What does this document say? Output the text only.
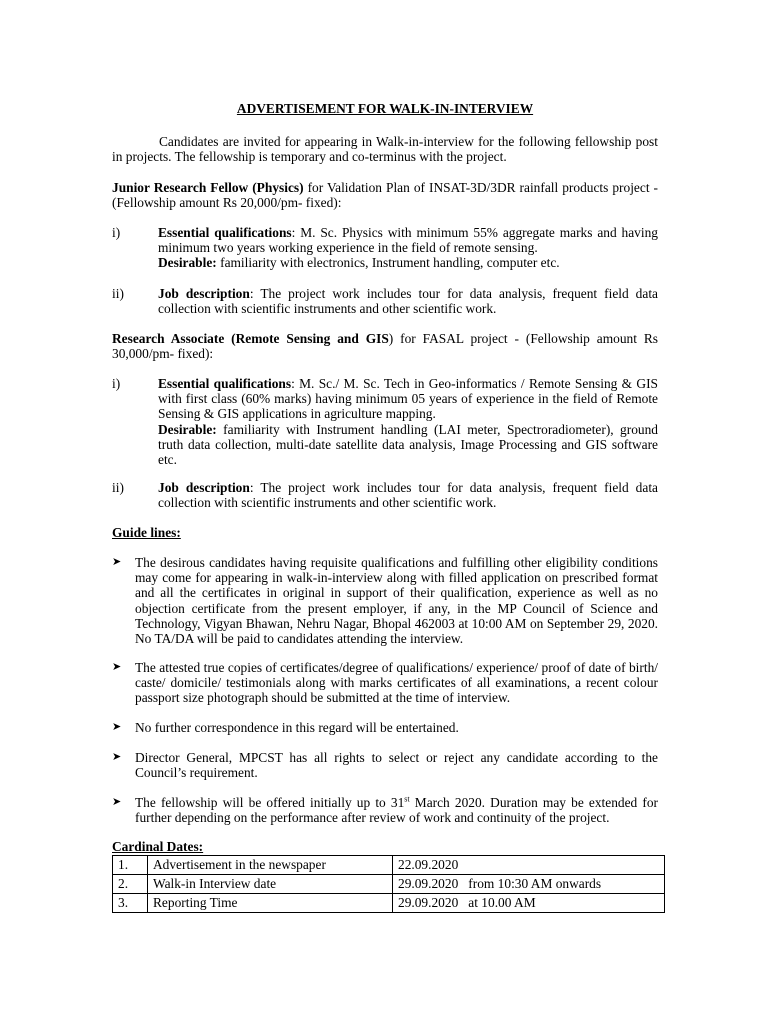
ADVERTISEMENT FOR WALK-IN-INTERVIEW
Candidates are invited for appearing in Walk-in-interview for the following fellowship post in projects. The fellowship is temporary and co-terminus with the project.
Junior Research Fellow (Physics) for Validation Plan of INSAT-3D/3DR rainfall products project - (Fellowship amount Rs 20,000/pm- fixed):
i)	Essential qualifications: M. Sc. Physics with minimum 55% aggregate marks and having minimum two years working experience in the field of remote sensing.
Desirable: familiarity with electronics, Instrument handling, computer etc.
ii)	Job description: The project work includes tour for data analysis, frequent field data collection with scientific instruments and other scientific work.
Research Associate (Remote Sensing and GIS) for FASAL project - (Fellowship amount Rs 30,000/pm- fixed):
i)	Essential qualifications: M. Sc./ M. Sc. Tech in Geo-informatics / Remote Sensing & GIS with first class (60% marks) having minimum 05 years of experience in the field of Remote Sensing & GIS applications in agriculture mapping.
Desirable: familiarity with Instrument handling (LAI meter, Spectroradiometer), ground truth data collection, multi-date satellite data analysis, Image Processing and GIS software etc.
ii)	Job description: The project work includes tour for data analysis, frequent field data collection with scientific instruments and other scientific work.
Guide lines:
➤ The desirous candidates having requisite qualifications and fulfilling other eligibility conditions may come for appearing in walk-in-interview along with filled application on prescribed format and all the certificates in original in support of their qualification, experience as well as no objection certificate from the present employer, if any, in the MP Council of Science and Technology, Vigyan Bhawan, Nehru Nagar, Bhopal 462003 at 10:00 AM on September 29, 2020. No TA/DA will be paid to candidates attending the interview.
➤ The attested true copies of certificates/degree of qualifications/ experience/ proof of date of birth/ caste/ domicile/ testimonials along with marks certificates of all examinations, a recent colour passport size photograph should be submitted at the time of interview.
➤ No further correspondence in this regard will be entertained.
➤ Director General, MPCST has all rights to select or reject any candidate according to the Council’s requirement.
➤ The fellowship will be offered initially up to 31st March 2020. Duration may be extended for further depending on the performance after review of work and continuity of the project.
Cardinal Dates:
1.	Advertisement in the newspaper	22.09.2020
2.	Walk-in Interview date	29.09.2020   from 10:30 AM onwards
3.	Reporting Time	29.09.2020   at 10.00 AM
